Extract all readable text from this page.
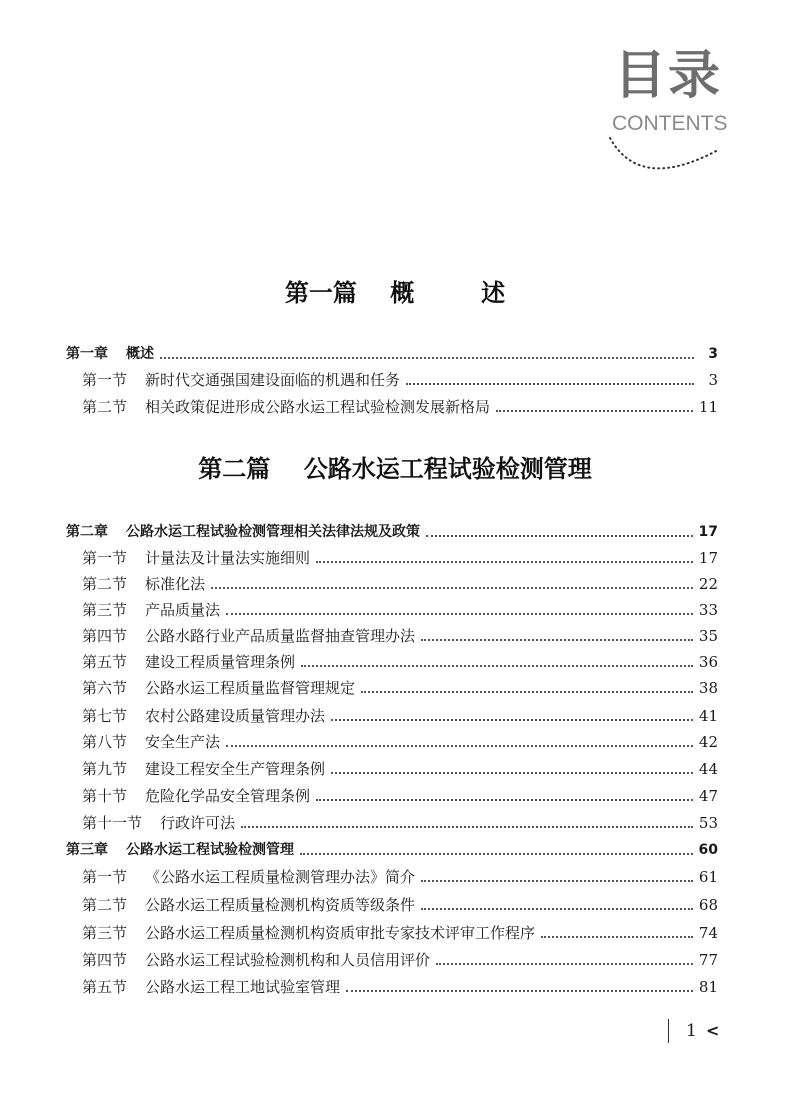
目录
CONTENTS
第一篇    概        述
第一章 概述	3
第一节 新时代交通强国建设面临的机遇和任务	3
第二节 相关政策促进形成公路水运工程试验检测发展新格局	11
第二篇    公路水运工程试验检测管理
第二章 公路水运工程试验检测管理相关法律法规及政策	17
第一节 计量法及计量法实施细则	17
第二节 标准化法	22
第三节 产品质量法	33
第四节 公路水路行业产品质量监督抽查管理办法	35
第五节 建设工程质量管理条例	36
第六节 公路水运工程质量监督管理规定	38
第七节 农村公路建设质量管理办法	41
第八节 安全生产法	42
第九节 建设工程安全生产管理条例	44
第十节 危险化学品安全管理条例	47
第十一节 行政许可法	53
第三章 公路水运工程试验检测管理	60
第一节 《公路水运工程质量检测管理办法》简介	61
第二节 公路水运工程质量检测机构资质等级条件	68
第三节 公路水运工程质量检测机构资质审批专家技术评审工作程序	74
第四节 公路水运工程试验检测机构和人员信用评价	77
第五节 公路水运工程工地试验室管理	81
1 <
